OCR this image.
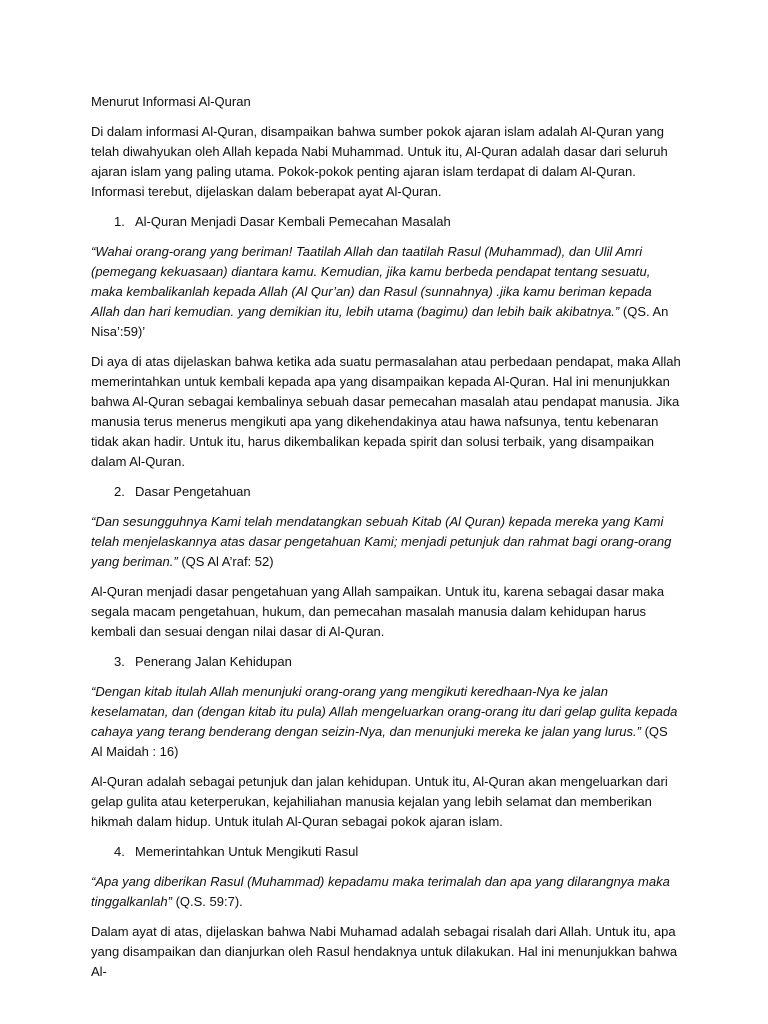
Menurut Informasi Al-Quran

Di dalam informasi Al-Quran, disampaikan bahwa sumber pokok ajaran islam adalah Al-Quran yang telah diwahyukan oleh Allah kepada Nabi Muhammad. Untuk itu, Al-Quran adalah dasar dari seluruh ajaran islam yang paling utama. Pokok-pokok penting ajaran islam terdapat di dalam Al-Quran. Informasi terebut, dijelaskan dalam beberapat ayat Al-Quran.

1. Al-Quran Menjadi Dasar Kembali Pemecahan Masalah

“Wahai orang-orang yang beriman! Taatilah Allah dan taatilah Rasul (Muhammad), dan Ulil Amri (pemegang kekuasaan) diantara kamu. Kemudian, jika kamu berbeda pendapat tentang sesuatu, maka kembalikanlah kepada Allah (Al Qur’an) dan Rasul (sunnahnya) .jika kamu beriman kepada Allah dan hari kemudian. yang demikian itu, lebih utama (bagimu) dan lebih baik akibatnya.” (QS. An Nisa’:59)’

Di aya di atas dijelaskan bahwa ketika ada suatu permasalahan atau perbedaan pendapat, maka Allah memerintahkan untuk kembali kepada apa yang disampaikan kepada Al-Quran. Hal ini menunjukkan bahwa Al-Quran sebagai kembalinya sebuah dasar pemecahan masalah atau pendapat manusia. Jika manusia terus menerus mengikuti apa yang dikehendakinya atau hawa nafsunya, tentu kebenaran tidak akan hadir. Untuk itu, harus dikembalikan kepada spirit dan solusi terbaik, yang disampaikan dalam Al-Quran.

2. Dasar Pengetahuan

“Dan sesungguhnya Kami telah mendatangkan sebuah Kitab (Al Quran) kepada mereka yang Kami telah menjelaskannya atas dasar pengetahuan Kami; menjadi petunjuk dan rahmat bagi orang-orang yang beriman.” (QS Al A’raf: 52)

Al-Quran menjadi dasar pengetahuan yang Allah sampaikan. Untuk itu, karena sebagai dasar maka segala macam pengetahuan, hukum, dan pemecahan masalah manusia dalam kehidupan harus kembali dan sesuai dengan nilai dasar di Al-Quran.

3. Penerang Jalan Kehidupan

“Dengan kitab itulah Allah menunjuki orang-orang yang mengikuti keredhaan-Nya ke jalan keselamatan, dan (dengan kitab itu pula) Allah mengeluarkan orang-orang itu dari gelap gulita kepada cahaya yang terang benderang dengan seizin-Nya, dan menunjuki mereka ke jalan yang lurus.” (QS Al Maidah : 16)

Al-Quran adalah sebagai petunjuk dan jalan kehidupan. Untuk itu, Al-Quran akan mengeluarkan dari gelap gulita atau keterperukan, kejahiliahan manusia kejalan yang lebih selamat dan memberikan hikmah dalam hidup. Untuk itulah Al-Quran sebagai pokok ajaran islam.

4. Memerintahkan Untuk Mengikuti Rasul

“Apa yang diberikan Rasul (Muhammad) kepadamu maka terimalah dan apa yang dilarangnya maka tinggalkanlah” (Q.S. 59:7).

Dalam ayat di atas, dijelaskan bahwa Nabi Muhamad adalah sebagai risalah dari Allah. Untuk itu, apa yang disampaikan dan dianjurkan oleh Rasul hendaknya untuk dilakukan. Hal ini menunjukkan bahwa Al-
